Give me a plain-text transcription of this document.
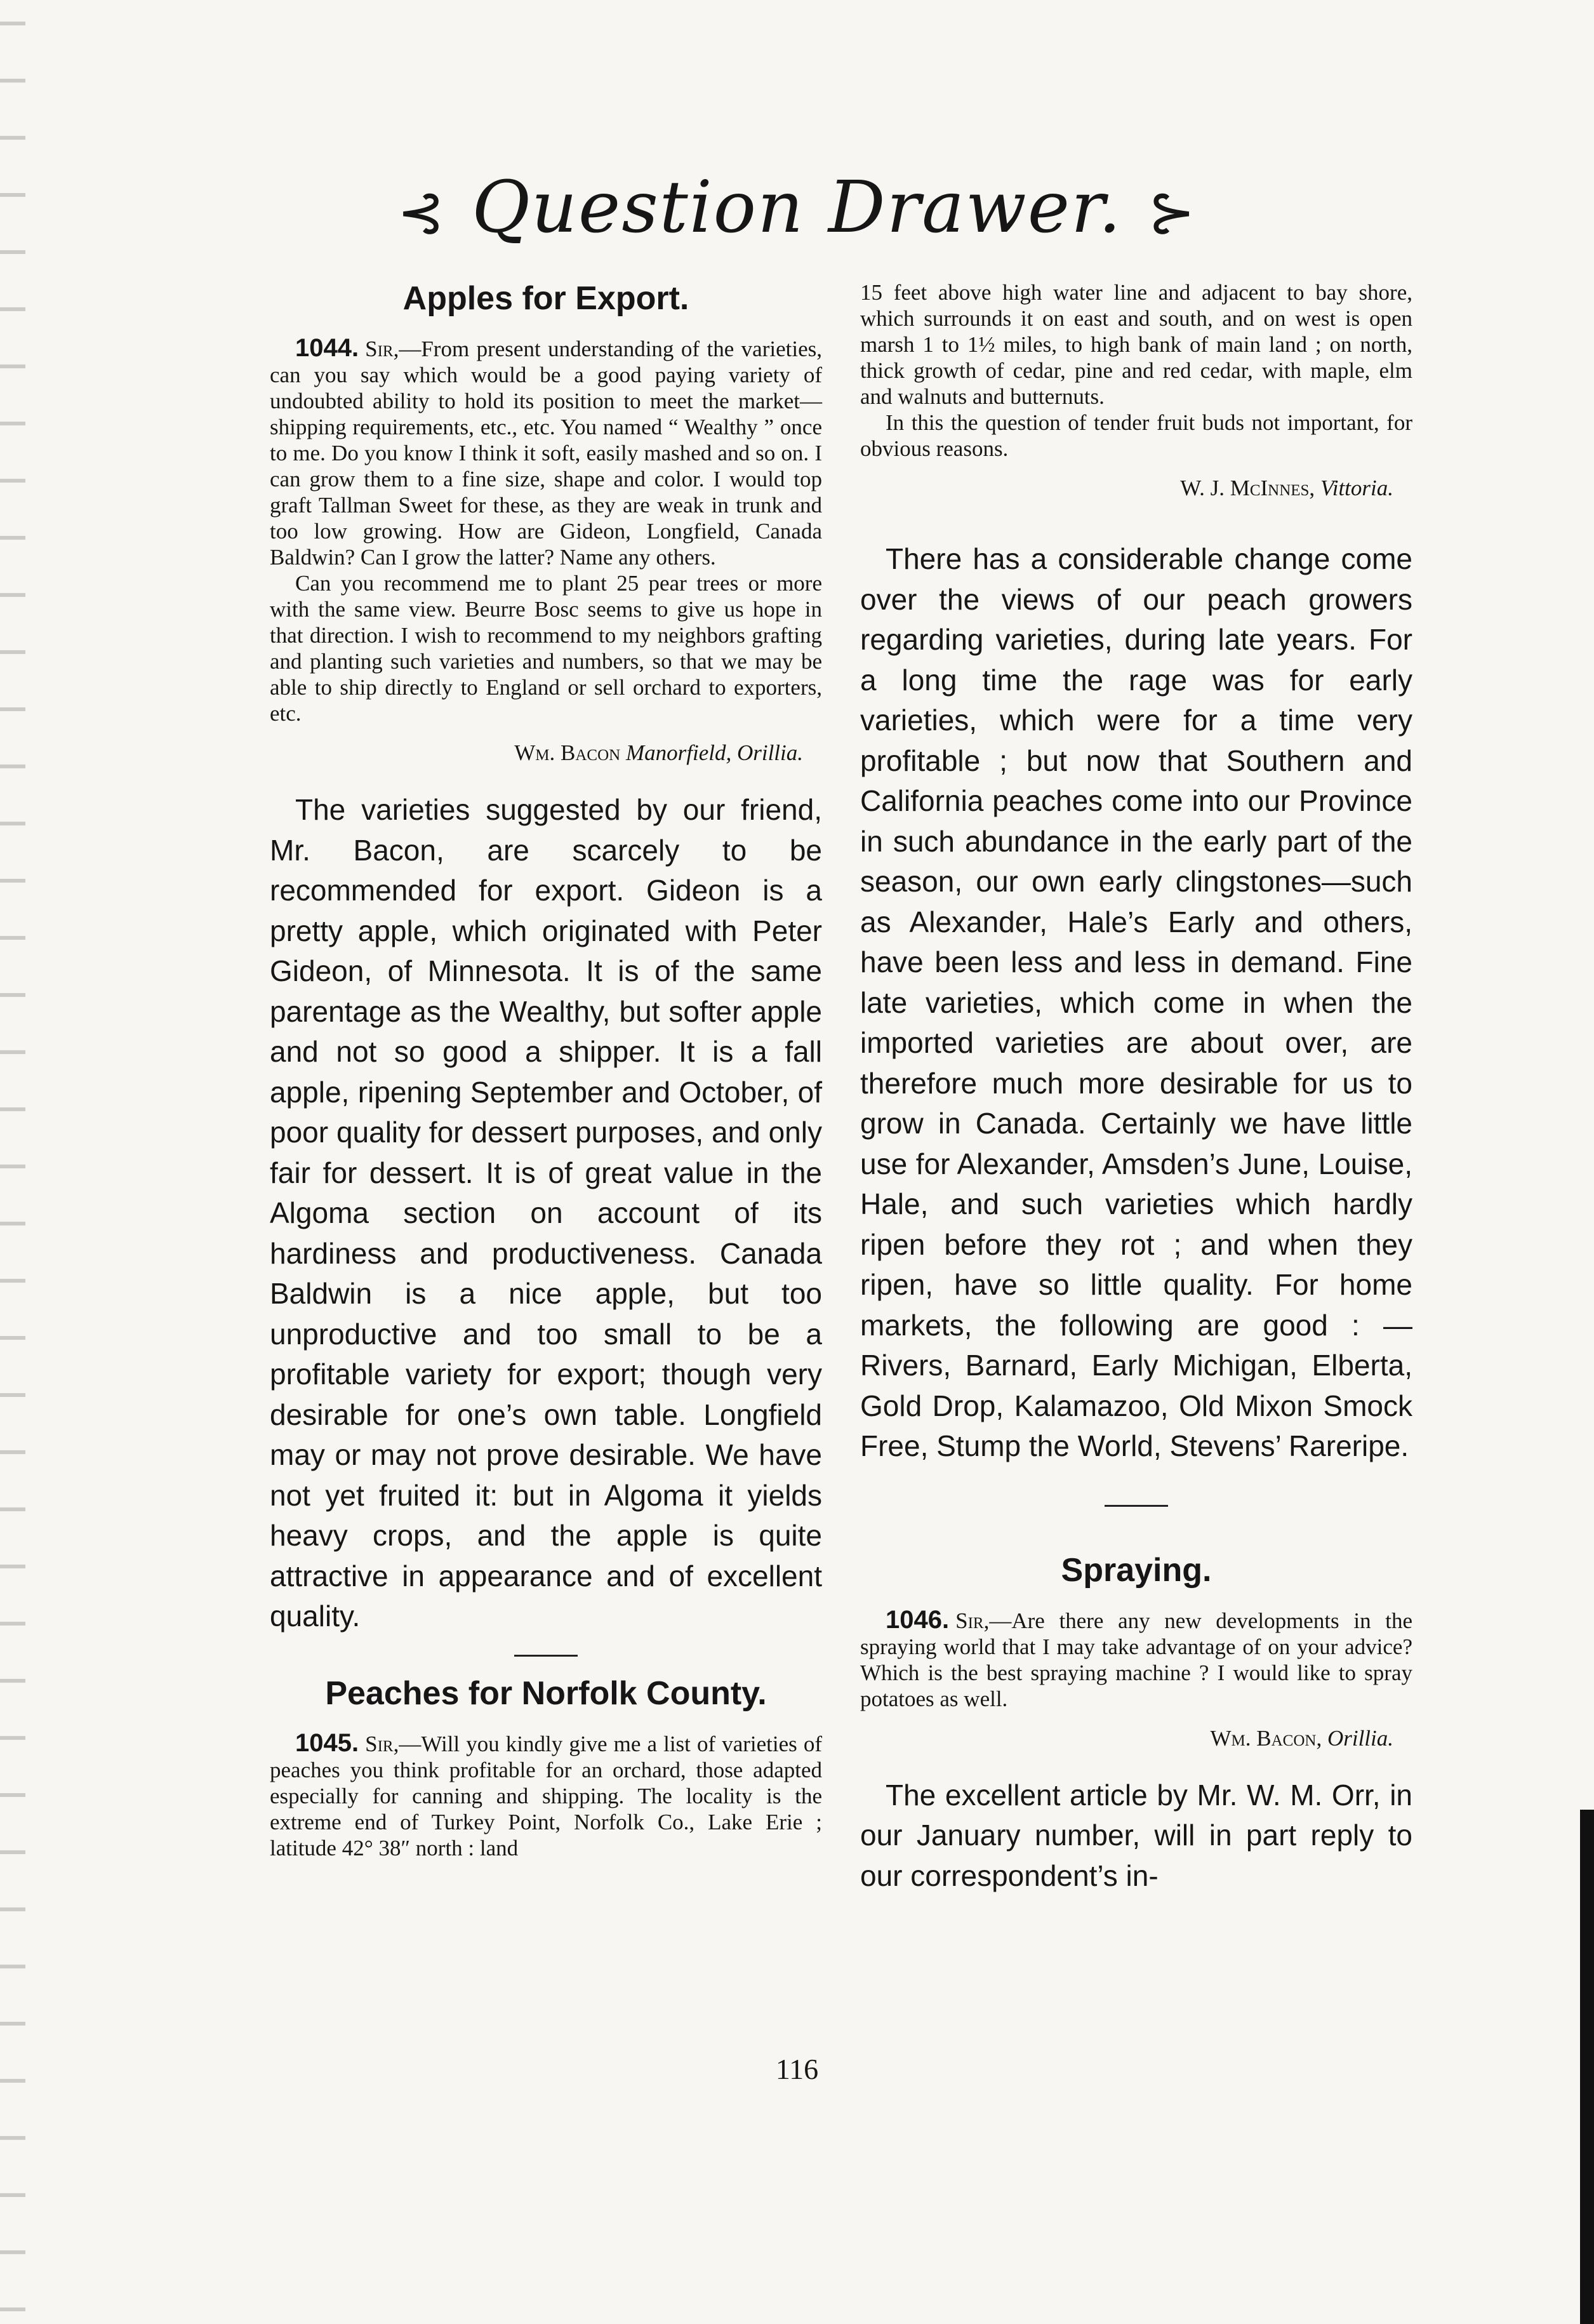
⊰ Question Drawer. ⊱
Apples for Export.

1044. Sir,—From present understanding of the varieties, can you say which would be a good paying variety of undoubted ability to hold its position to meet the market—shipping requirements, etc., etc. You named “ Wealthy ” once to me. Do you know I think it soft, easily mashed and so on. I can grow them to a fine size, shape and color. I would top graft Tallman Sweet for these, as they are weak in trunk and too low growing. How are Gideon, Longfield, Canada Baldwin? Can I grow the latter? Name any others.

Can you recommend me to plant 25 pear trees or more with the same view. Beurre Bosc seems to give us hope in that direction. I wish to recommend to my neighbors grafting and planting such varieties and numbers, so that we may be able to ship directly to England or sell orchard to exporters, etc.

Wm. Bacon Manorfield, Orillia.

The varieties suggested by our friend, Mr. Bacon, are scarcely to be recommended for export. Gideon is a pretty apple, which originated with Peter Gideon, of Minnesota. It is of the same parentage as the Wealthy, but softer apple and not so good a shipper. It is a fall apple, ripening September and October, of poor quality for dessert purposes, and only fair for dessert. It is of great value in the Algoma section on account of its hardiness and productiveness. Canada Baldwin is a nice apple, but too unproductive and too small to be a profitable variety for export; though very desirable for one’s own table. Longfield may or may not prove desirable. We have not yet fruited it: but in Algoma it yields heavy crops, and the apple is quite attractive in appearance and of excellent quality.

Peaches for Norfolk County.

1045. Sir,—Will you kindly give me a list of varieties of peaches you think profitable for an orchard, those adapted especially for canning and shipping. The locality is the extreme end of Turkey Point, Norfolk Co., Lake Erie ; latitude 42° 38″ north : land

15 feet above high water line and adjacent to bay shore, which surrounds it on east and south, and on west is open marsh 1 to 1½ miles, to high bank of main land ; on north, thick growth of cedar, pine and red cedar, with maple, elm and walnuts and butternuts.

In this the question of tender fruit buds not important, for obvious reasons.

W. J. McInnes, Vittoria.

There has a considerable change come over the views of our peach growers regarding varieties, during late years. For a long time the rage was for early varieties, which were for a time very profitable ; but now that Southern and California peaches come into our Province in such abundance in the early part of the season, our own early clingstones—such as Alexander, Hale’s Early and others, have been less and less in demand. Fine late varieties, which come in when the imported varieties are about over, are therefore much more desirable for us to grow in Canada. Certainly we have little use for Alexander, Amsden’s June, Louise, Hale, and such varieties which hardly ripen before they rot ; and when they ripen, have so little quality. For home markets, the following are good : — Rivers, Barnard, Early Michigan, Elberta, Gold Drop, Kalamazoo, Old Mixon Smock Free, Stump the World, Stevens’ Rareripe.

Spraying.

1046. Sir,—Are there any new developments in the spraying world that I may take advantage of on your advice? Which is the best spraying machine ? I would like to spray potatoes as well.

Wm. Bacon, Orillia.

The excellent article by Mr. W. M. Orr, in our January number, will in part reply to our correspondent’s in-

116
